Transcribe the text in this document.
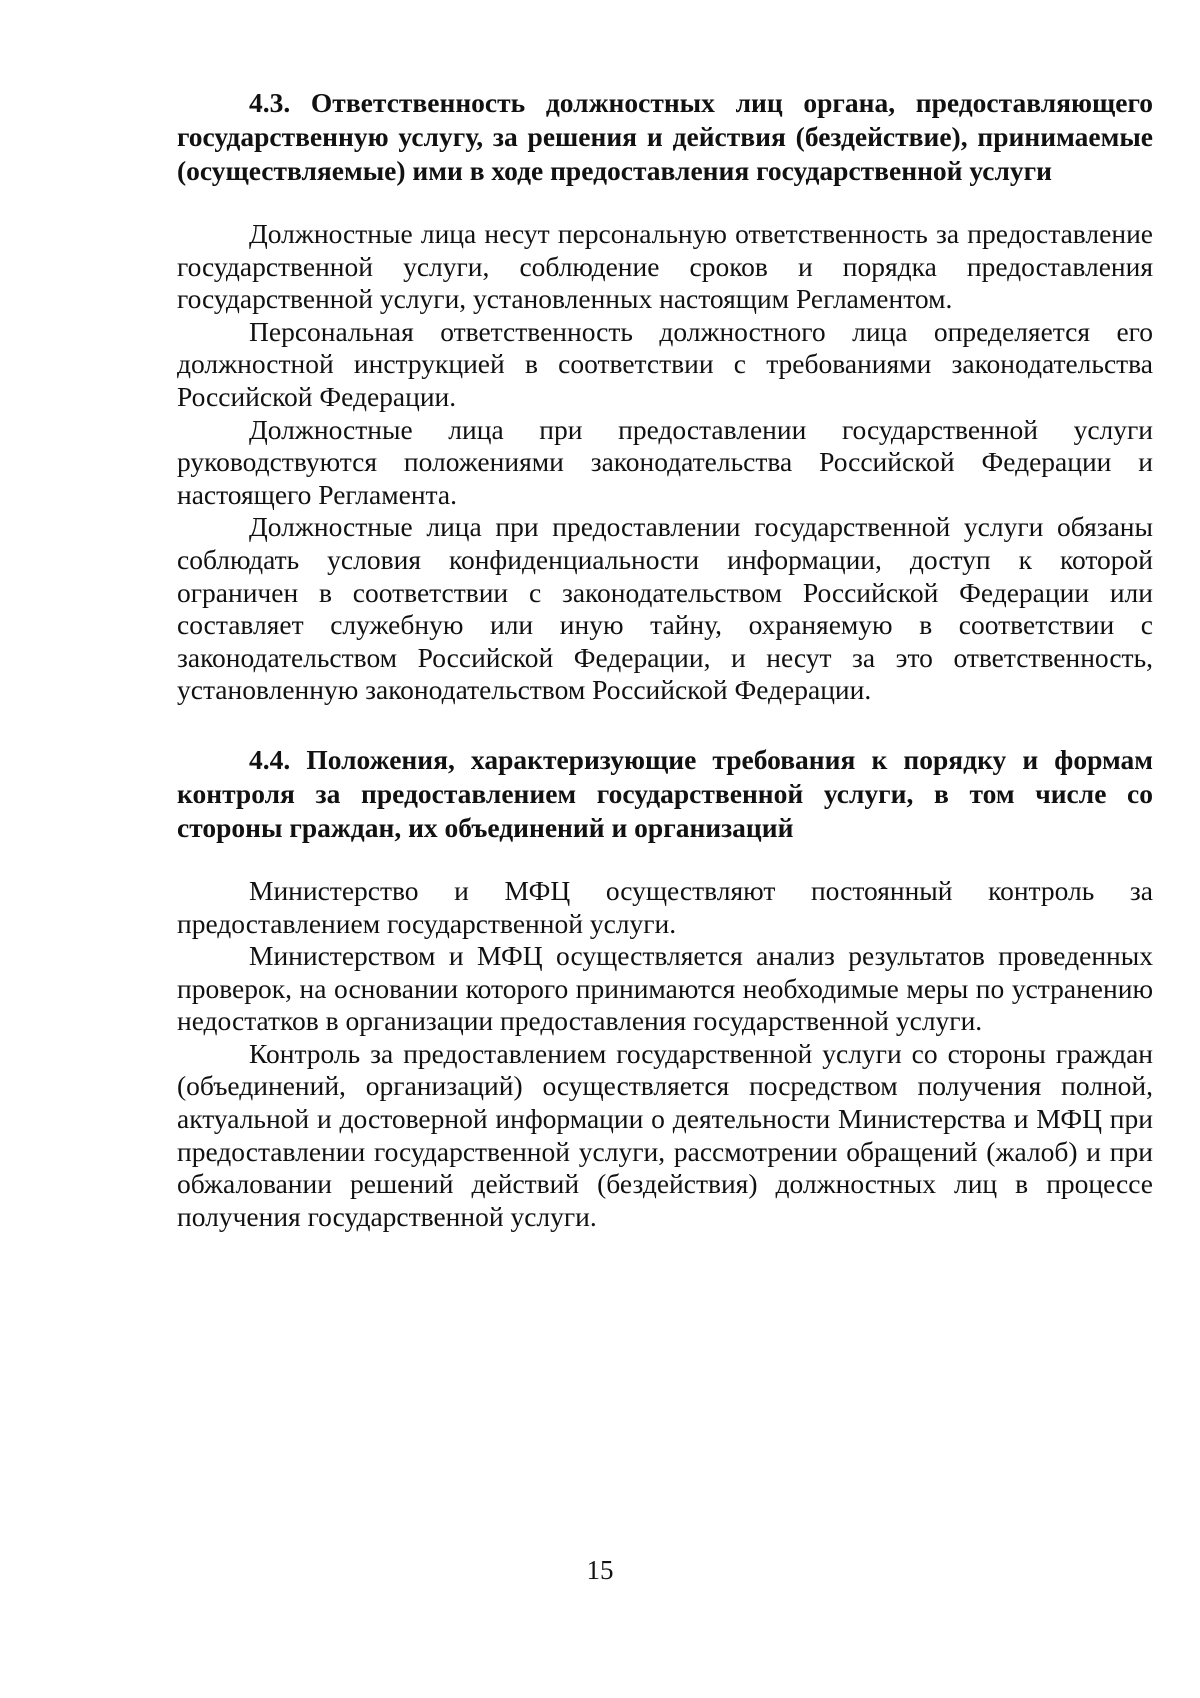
4.3. Ответственность должностных лиц органа, предоставляющего государственную услугу, за решения и действия (бездействие), принимаемые (осуществляемые) ими в ходе предоставления государственной услуги

Должностные лица несут персональную ответственность за предоставление государственной услуги, соблюдение сроков и порядка предоставления государственной услуги, установленных настоящим Регламентом.

Персональная ответственность должностного лица определяется его должностной инструкцией в соответствии с требованиями законодательства Российской Федерации.

Должностные лица при предоставлении государственной услуги руководствуются положениями законодательства Российской Федерации и настоящего Регламента.

Должностные лица при предоставлении государственной услуги обязаны соблюдать условия конфиденциальности информации, доступ к которой ограничен в соответствии с законодательством Российской Федерации или составляет служебную или иную тайну, охраняемую в соответствии с законодательством Российской Федерации, и несут за это ответственность, установленную законодательством Российской Федерации.

4.4. Положения, характеризующие требования к порядку и формам контроля за предоставлением государственной услуги, в том числе со стороны граждан, их объединений и организаций

Министерство и МФЦ осуществляют постоянный контроль за предоставлением государственной услуги.

Министерством и МФЦ осуществляется анализ результатов проведенных проверок, на основании которого принимаются необходимые меры по устранению недостатков в организации предоставления государственной услуги.

Контроль за предоставлением государственной услуги со стороны граждан (объединений, организаций) осуществляется посредством получения полной, актуальной и достоверной информации о деятельности Министерства и МФЦ при предоставлении государственной услуги, рассмотрении обращений (жалоб) и при обжаловании решений действий (бездействия) должностных лиц в процессе получения государственной услуги.

15
